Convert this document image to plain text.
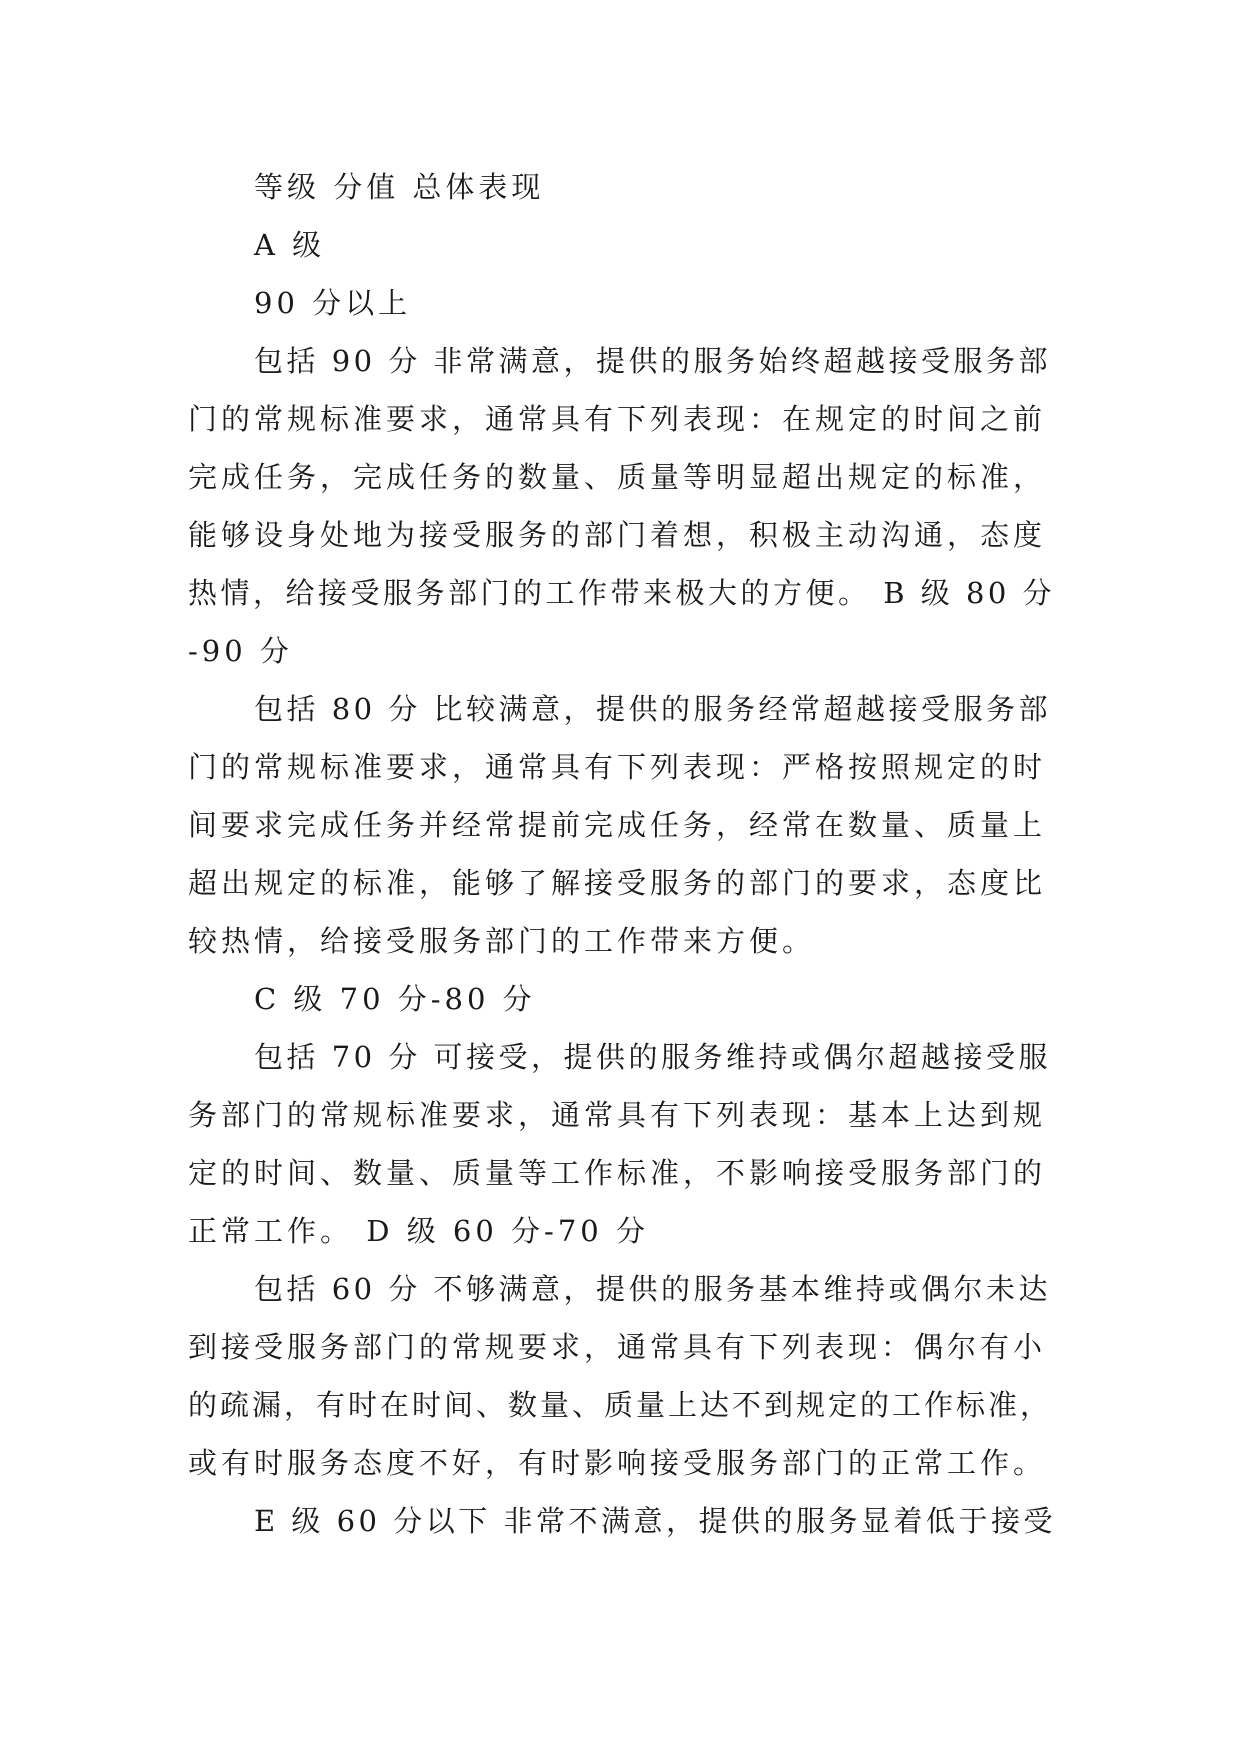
等级 分值 总体表现
A 级
90 分以上
包括 90 分 非常满意，提供的服务始终超越接受服务部
门的常规标准要求，通常具有下列表现：在规定的时间之前
完成任务，完成任务的数量、质量等明显超出规定的标准，
能够设身处地为接受服务的部门着想，积极主动沟通，态度
热情，给接受服务部门的工作带来极大的方便。 B 级 80 分
-90 分
包括 80 分 比较满意，提供的服务经常超越接受服务部
门的常规标准要求，通常具有下列表现：严格按照规定的时
间要求完成任务并经常提前完成任务，经常在数量、质量上
超出规定的标准，能够了解接受服务的部门的要求，态度比
较热情，给接受服务部门的工作带来方便。
C 级 70 分-80 分
包括 70 分 可接受，提供的服务维持或偶尔超越接受服
务部门的常规标准要求，通常具有下列表现：基本上达到规
定的时间、数量、质量等工作标准，不影响接受服务部门的
正常工作。 D 级 60 分-70 分
包括 60 分 不够满意，提供的服务基本维持或偶尔未达
到接受服务部门的常规要求，通常具有下列表现：偶尔有小
的疏漏，有时在时间、数量、质量上达不到规定的工作标准，
或有时服务态度不好，有时影响接受服务部门的正常工作。
E 级 60 分以下 非常不满意，提供的服务显着低于接受
